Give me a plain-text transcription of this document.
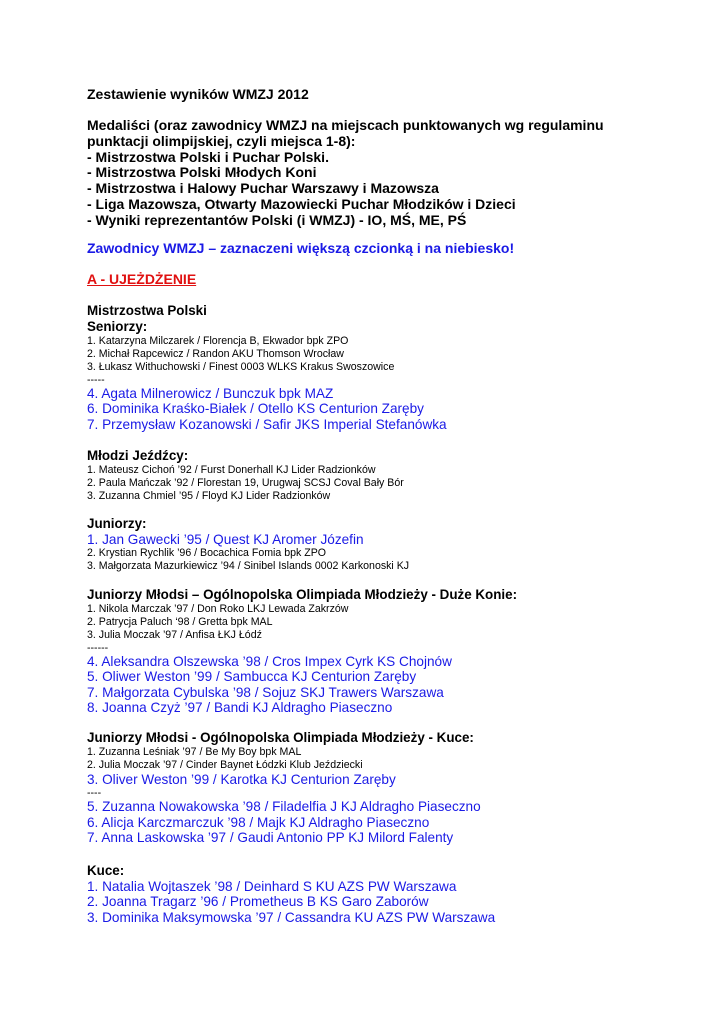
Zestawienie wyników WMZJ 2012
Medaliści (oraz zawodnicy WMZJ na miejscach punktowanych wg regulaminu
punktacji olimpijskiej, czyli miejsca 1-8):
- Mistrzostwa Polski i Puchar Polski.
- Mistrzostwa Polski Młodych Koni
- Mistrzostwa i Halowy Puchar Warszawy i Mazowsza
- Liga Mazowsza, Otwarty Mazowiecki Puchar Młodzików i Dzieci
- Wyniki reprezentantów Polski (i WMZJ) - IO, MŚ, ME, PŚ
Zawodnicy WMZJ – zaznaczeni większą czcionką i na niebiesko!
A - UJEŻDŻENIE
Mistrzostwa Polski
Seniorzy:
1. Katarzyna Milczarek / Florencja B, Ekwador bpk ZPO
2. Michał Rapcewicz / Randon AKU Thomson Wrocław
3. Łukasz Withuchowski / Finest 0003 WLKS Krakus Swoszowice
-----
4. Agata Milnerowicz / Bunczuk bpk MAZ
6. Dominika Kraśko-Białek / Otello KS Centurion Zaręby
7. Przemysław Kozanowski / Safir JKS Imperial Stefanówka
Młodzi Jeźdźcy:
1. Mateusz Cichoń ’92 / Furst Donerhall KJ Lider Radzionków
2. Paula Mańczak ’92 / Florestan 19, Urugwaj SCSJ Coval Bały Bór
3. Zuzanna Chmiel ’95 / Floyd KJ Lider Radzionków
Juniorzy:
1. Jan Gawecki ’95 / Quest KJ Aromer Józefin
2. Krystian Rychlik ’96 / Bocachica Fomia bpk ZPO
3. Małgorzata Mazurkiewicz ’94 / Sinibel Islands 0002 Karkonoski KJ
Juniorzy Młodsi – Ogólnopolska Olimpiada Młodzieży - Duże Konie:
1. Nikola Marczak ’97 / Don Roko LKJ Lewada Zakrzów
2. Patrycja Paluch ‘98 / Gretta bpk MAL
3. Julia Moczak ’97 / Anfisa ŁKJ Łódź
------
4. Aleksandra Olszewska ’98 / Cros Impex Cyrk KS Chojnów
5. Oliwer Weston ’99 / Sambucca KJ Centurion Zaręby
7. Małgorzata Cybulska ’98 / Sojuz SKJ Trawers Warszawa
8. Joanna Czyż ’97 / Bandi KJ Aldragho Piaseczno
Juniorzy Młodsi - Ogólnopolska Olimpiada Młodzieży - Kuce:
1. Zuzanna Leśniak ’97 / Be My Boy bpk MAL
2. Julia Moczak ’97 / Cinder Baynet Łódzki Klub Jeździecki
3. Oliver Weston ’99 / Karotka KJ Centurion Zaręby
----
5. Zuzanna Nowakowska ’98 / Filadelfia J KJ Aldragho Piaseczno
6. Alicja Karczmarczuk ’98 / Majk KJ Aldragho Piaseczno
7. Anna Laskowska ’97 / Gaudi Antonio PP KJ Milord Falenty
Kuce:
1. Natalia Wojtaszek ’98 / Deinhard S KU AZS PW Warszawa
2. Joanna Tragarz ’96 / Prometheus B KS Garo Zaborów
3. Dominika Maksymowska ’97 / Cassandra KU AZS PW Warszawa
